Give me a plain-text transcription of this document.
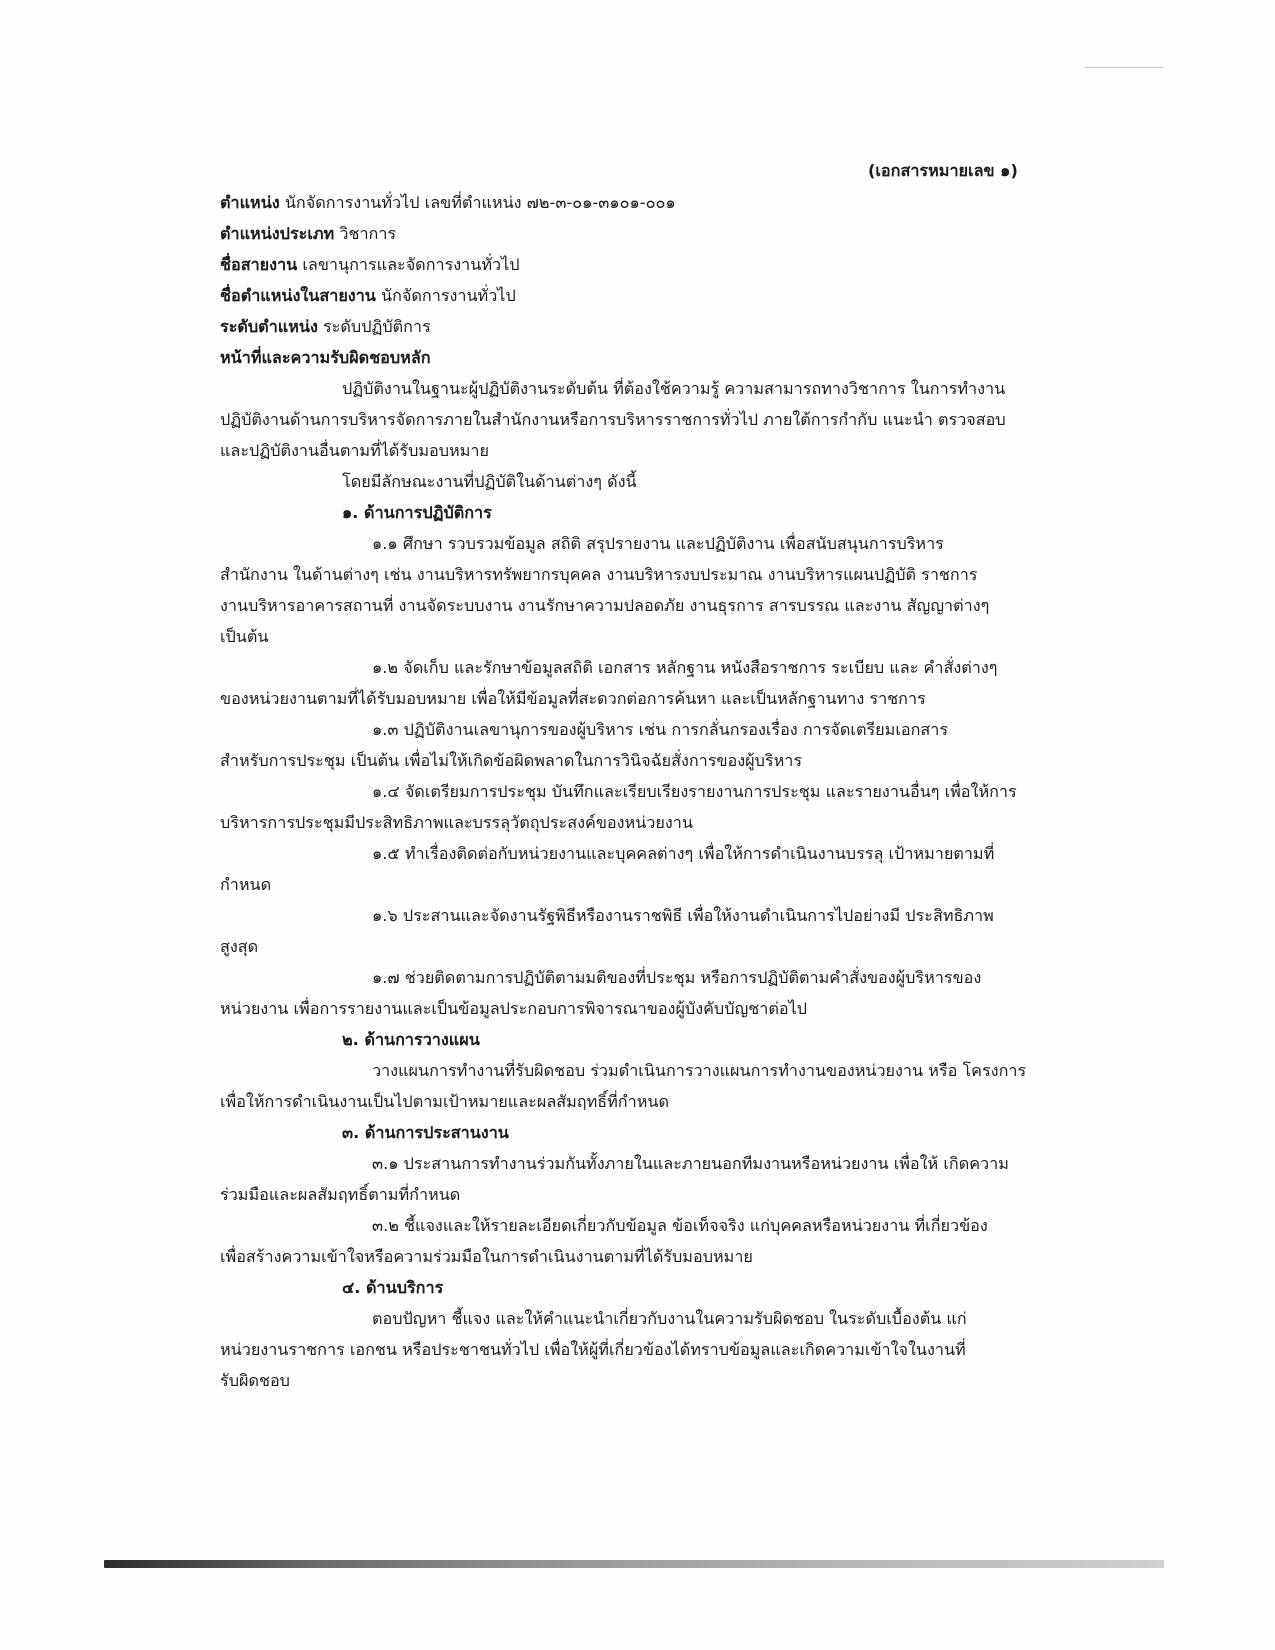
(เอกสารหมายเลข ๑)
ตำแหน่ง นักจัดการงานทั่วไป เลขที่ตำแหน่ง ๗๒-๓-๐๑-๓๑๐๑-๐๐๑
ตำแหน่งประเภท วิชาการ
ชื่อสายงาน เลขานุการและจัดการงานทั่วไป
ชื่อตำแหน่งในสายงาน นักจัดการงานทั่วไป
ระดับตำแหน่ง ระดับปฏิบัติการ
หน้าที่และความรับผิดชอบหลัก
ปฏิบัติงานในฐานะผู้ปฏิบัติงานระดับต้น ที่ต้องใช้ความรู้ ความสามารถทางวิชาการ ในการทำงาน
ปฏิบัติงานด้านการบริหารจัดการภายในสำนักงานหรือการบริหารราชการทั่วไป ภายใต้การกำกับ แนะนำ ตรวจสอบ
และปฏิบัติงานอื่นตามที่ได้รับมอบหมาย
โดยมีลักษณะงานที่ปฏิบัติในด้านต่างๆ ดังนี้
๑. ด้านการปฏิบัติการ
๑.๑ ศึกษา รวบรวมข้อมูล สถิติ สรุปรายงาน และปฏิบัติงาน เพื่อสนับสนุนการบริหาร
สำนักงาน ในด้านต่างๆ เช่น งานบริหารทรัพยากรบุคคล งานบริหารงบประมาณ งานบริหารแผนปฏิบัติ ราชการ
งานบริหารอาคารสถานที่ งานจัดระบบงาน งานรักษาความปลอดภัย งานธุรการ สารบรรณ และงาน สัญญาต่างๆ
เป็นต้น
๑.๒ จัดเก็บ และรักษาข้อมูลสถิติ เอกสาร หลักฐาน หนังสือราชการ ระเบียบ และ คำสั่งต่างๆ
ของหน่วยงานตามที่ได้รับมอบหมาย เพื่อให้มีข้อมูลที่สะดวกต่อการค้นหา และเป็นหลักฐานทาง ราชการ
๑.๓ ปฏิบัติงานเลขานุการของผู้บริหาร เช่น การกลั่นกรองเรื่อง การจัดเตรียมเอกสาร
สำหรับการประชุม เป็นต้น เพื่อไม่ให้เกิดข้อผิดพลาดในการวินิจฉัยสั่งการของผู้บริหาร
๑.๔ จัดเตรียมการประชุม บันทึกและเรียบเรียงรายงานการประชุม และรายงานอื่นๆ เพื่อให้การ
บริหารการประชุมมีประสิทธิภาพและบรรลุวัตถุประสงค์ของหน่วยงาน
๑.๕ ทำเรื่องติดต่อกับหน่วยงานและบุคคลต่างๆ เพื่อให้การดำเนินงานบรรลุ เป้าหมายตามที่
กำหนด
๑.๖ ประสานและจัดงานรัฐพิธีหรืองานราชพิธี เพื่อให้งานดำเนินการไปอย่างมี ประสิทธิภาพ
สูงสุด
๑.๗ ช่วยติดตามการปฏิบัติตามมติของที่ประชุม หรือการปฏิบัติตามคำสั่งของผู้บริหารของ
หน่วยงาน เพื่อการรายงานและเป็นข้อมูลประกอบการพิจารณาของผู้บังคับบัญชาต่อไป
๒. ด้านการวางแผน
วางแผนการทำงานที่รับผิดชอบ ร่วมดำเนินการวางแผนการทำงานของหน่วยงาน หรือ โครงการ
เพื่อให้การดำเนินงานเป็นไปตามเป้าหมายและผลสัมฤทธิ์ที่กำหนด
๓. ด้านการประสานงาน
๓.๑ ประสานการทำงานร่วมกันทั้งภายในและภายนอกทีมงานหรือหน่วยงาน เพื่อให้ เกิดความ
ร่วมมือและผลสัมฤทธิ์ตามที่กำหนด
๓.๒ ชี้แจงและให้รายละเอียดเกี่ยวกับข้อมูล ข้อเท็จจริง แก่บุคคลหรือหน่วยงาน ที่เกี่ยวข้อง
เพื่อสร้างความเข้าใจหรือความร่วมมือในการดำเนินงานตามที่ได้รับมอบหมาย
๔. ด้านบริการ
ตอบปัญหา ชี้แจง และให้คำแนะนำเกี่ยวกับงานในความรับผิดชอบ ในระดับเบื้องต้น แก่
หน่วยงานราชการ เอกชน หรือประชาชนทั่วไป เพื่อให้ผู้ที่เกี่ยวข้องได้ทราบข้อมูลและเกิดความเข้าใจในงานที่
รับผิดชอบ
